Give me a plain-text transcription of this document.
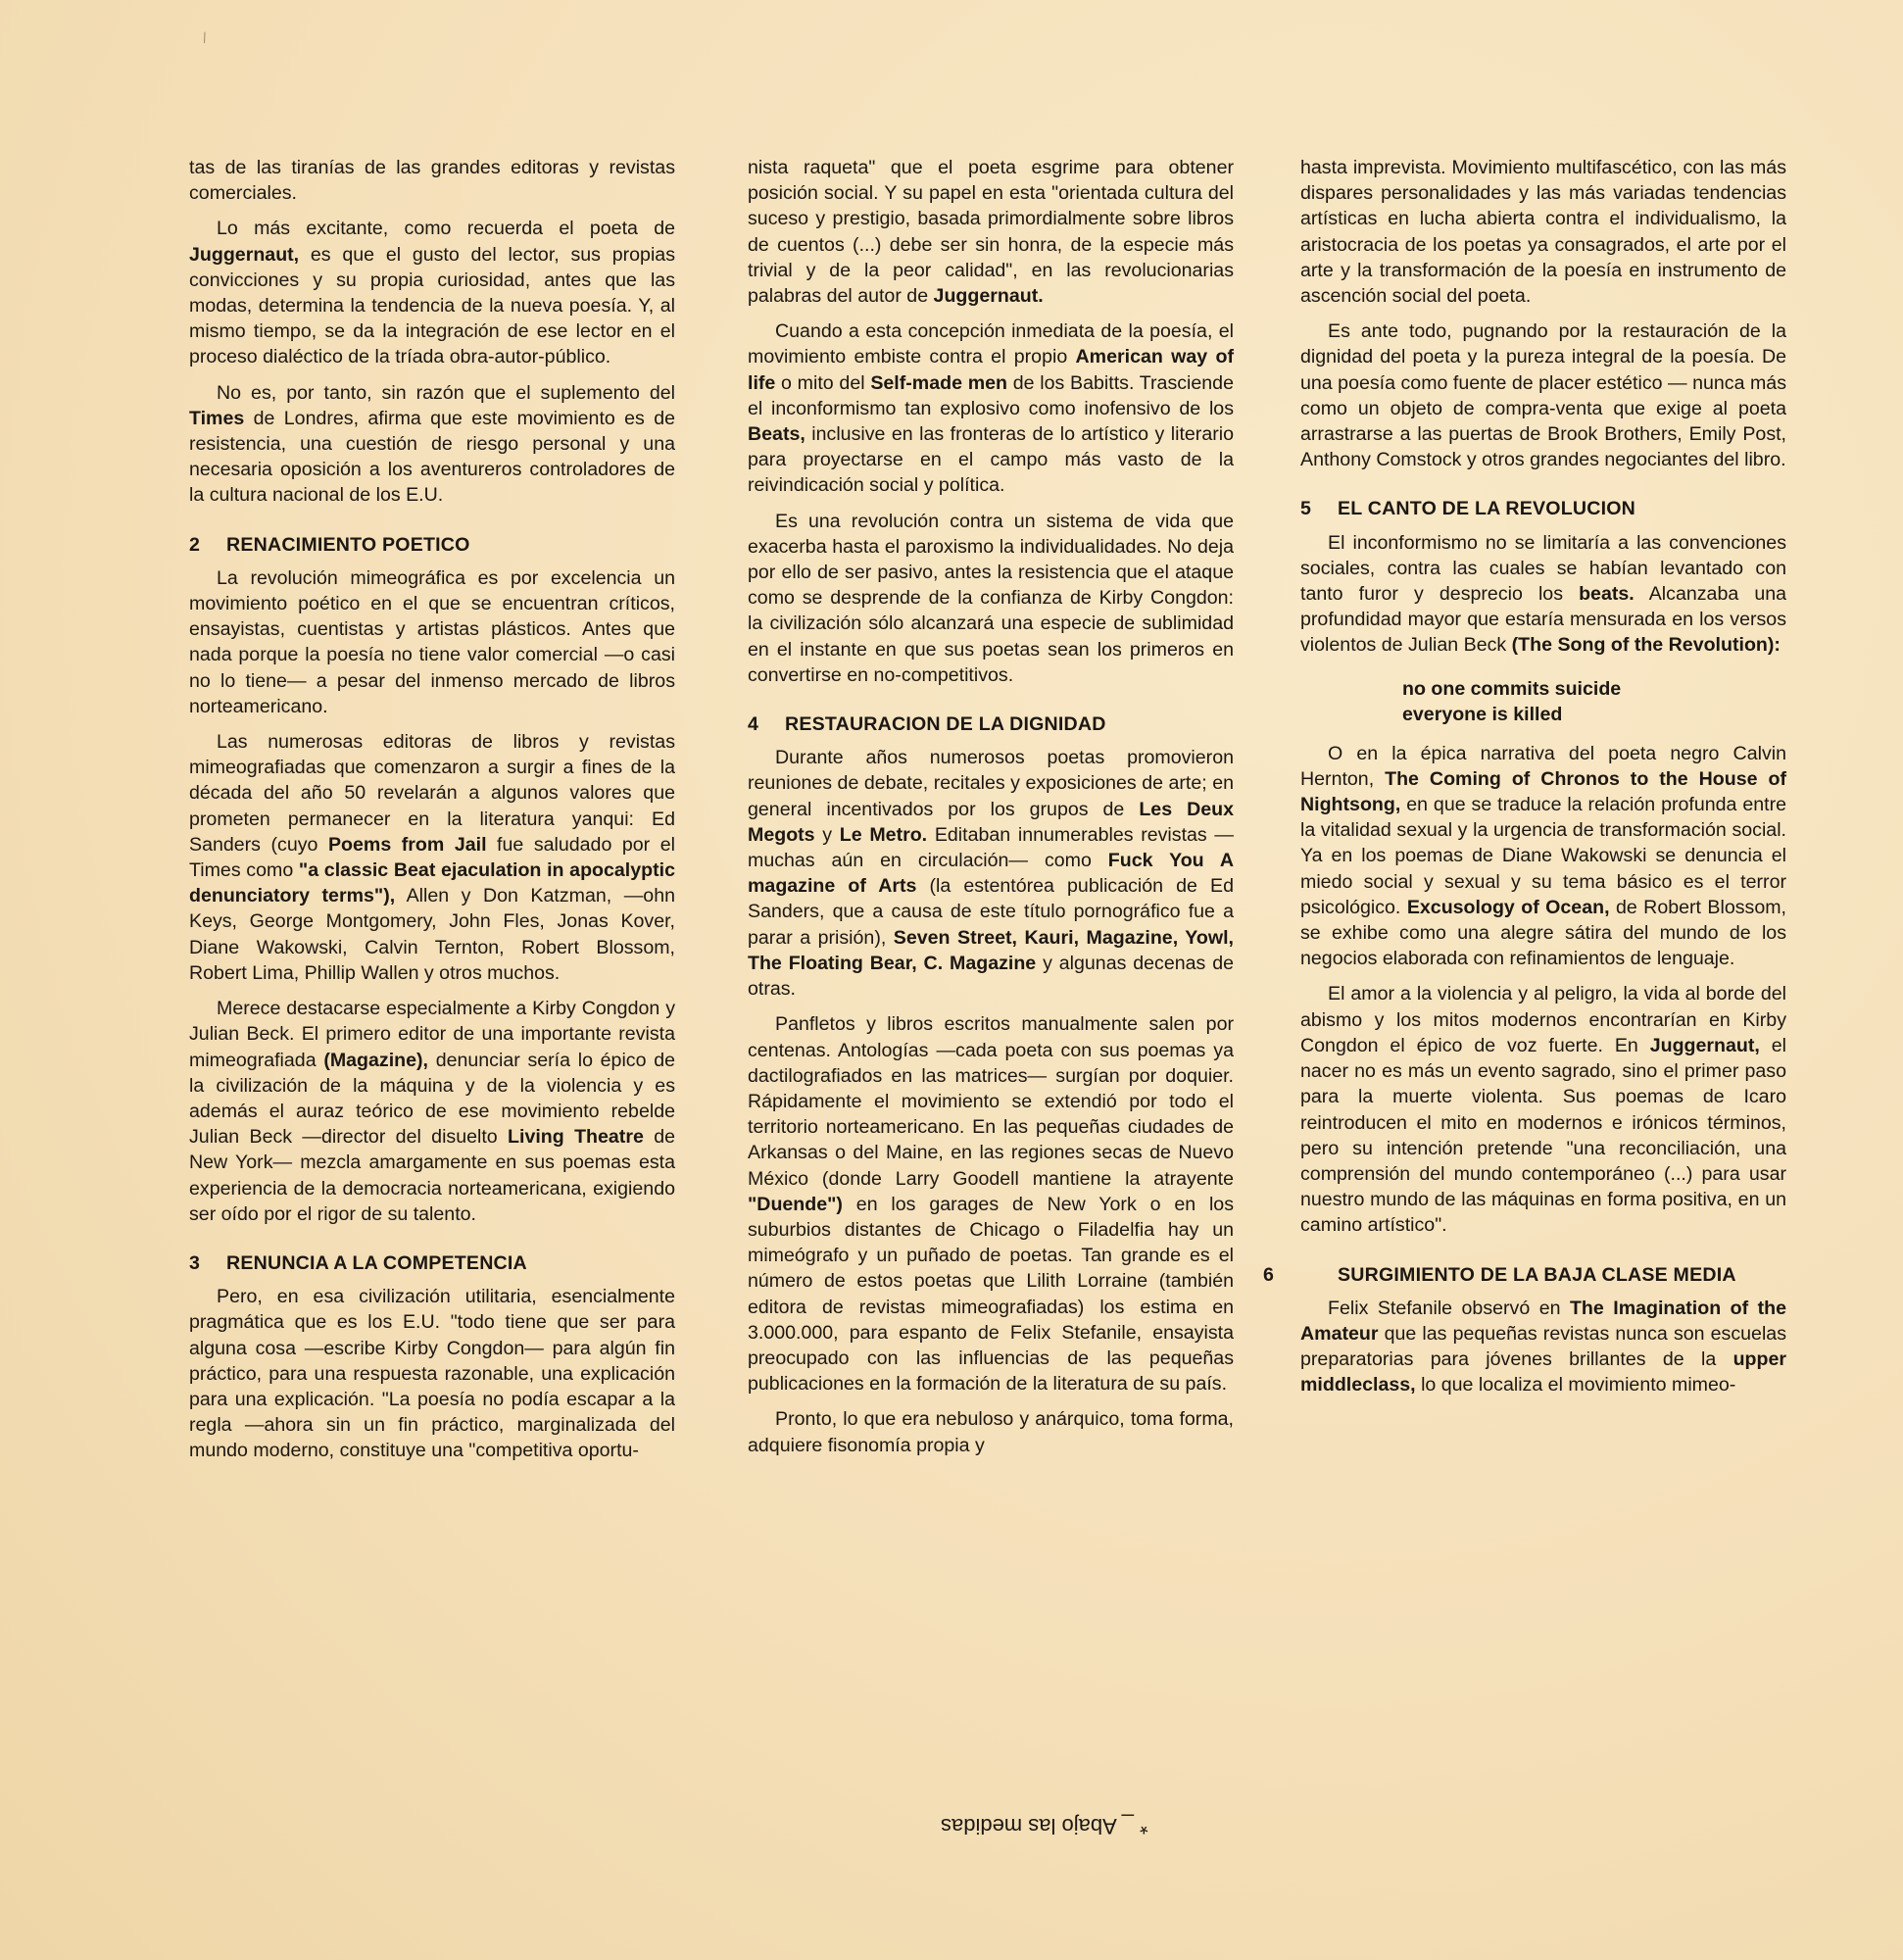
⁄

tas de las tiranías de las grandes editoras y revistas comerciales.

Lo más excitante, como recuerda el poeta de Juggernaut, es que el gusto del lector, sus propias convicciones y su propia curiosidad, antes que las modas, determina la tendencia de la nueva poesía. Y, al mismo tiempo, se da la integración de ese lector en el proceso dialéctico de la tríada obra-autor-público.

No es, por tanto, sin razón que el suplemento del Times de Londres, afirma que este movimiento es de resistencia, una cuestión de riesgo personal y una necesaria oposición a los aventureros controladores de la cultura nacional de los E.U.

2 RENACIMIENTO POETICO

La revolución mimeográfica es por excelencia un movimiento poético en el que se encuentran críticos, ensayistas, cuentistas y artistas plásticos. Antes que nada porque la poesía no tiene valor comercial —o casi no lo tiene— a pesar del inmenso mercado de libros norteamericano.

Las numerosas editoras de libros y revistas mimeografiadas que comenzaron a surgir a fines de la década del año 50 revelarán a algunos valores que prometen permanecer en la literatura yanqui: Ed Sanders (cuyo Poems from Jail fue saludado por el Times como "a classic Beat ejaculation in apocalyptic denunciatory terms"), Allen y Don Katzman, —ohn Keys, George Montgomery, John Fles, Jonas Kover, Diane Wakowski, Calvin Ternton, Robert Blossom, Robert Lima, Phillip Wallen y otros muchos.

Merece destacarse especialmente a Kirby Congdon y Julian Beck. El primero editor de una importante revista mimeografiada (Magazine), denunciar sería lo épico de la civilización de la máquina y de la violencia y es además el auraz teórico de ese movimiento rebelde Julian Beck —director del disuelto Living Theatre de New York— mezcla amargamente en sus poemas esta experiencia de la democracia norteamericana, exigiendo ser oído por el rigor de su talento.

3 RENUNCIA A LA COMPETENCIA

Pero, en esa civilización utilitaria, esencialmente pragmática que es los E.U. "todo tiene que ser para alguna cosa —escribe Kirby Congdon— para algún fin práctico, para una respuesta razonable, una explicación para una explicación. "La poesía no podía escapar a la regla —ahora sin un fin práctico, marginalizada del mundo moderno, constituye una "competitiva oportu-

nista raqueta" que el poeta esgrime para obtener posición social. Y su papel en esta "orientada cultura del suceso y prestigio, basada primordialmente sobre libros de cuentos (...) debe ser sin honra, de la especie más trivial y de la peor calidad", en las revolucionarias palabras del autor de Juggernaut.

Cuando a esta concepción inmediata de la poesía, el movimiento embiste contra el propio American way of life o mito del Self-made men de los Babitts. Trasciende el inconformismo tan explosivo como inofensivo de los Beats, inclusive en las fronteras de lo artístico y literario para proyectarse en el campo más vasto de la reivindicación social y política.

Es una revolución contra un sistema de vida que exacerba hasta el paroxismo la individualidades. No deja por ello de ser pasivo, antes la resistencia que el ataque como se desprende de la confianza de Kirby Congdon: la civilización sólo alcanzará una especie de sublimidad en el instante en que sus poetas sean los primeros en convertirse en no-competitivos.

4 RESTAURACION DE LA DIGNIDAD

Durante años numerosos poetas promovieron reuniones de debate, recitales y exposiciones de arte; en general incentivados por los grupos de Les Deux Megots y Le Metro. Editaban innumerables revistas — muchas aún en circulación— como Fuck You A magazine of Arts (la estentórea publicación de Ed Sanders, que a causa de este título pornográfico fue a parar a prisión), Seven Street, Kauri, Magazine, Yowl, The Floating Bear, C. Magazine y algunas decenas de otras.

Panfletos y libros escritos manualmente salen por centenas. Antologías —cada poeta con sus poemas ya dactilografiados en las matrices— surgían por doquier. Rápidamente el movimiento se extendió por todo el territorio norteamericano. En las pequeñas ciudades de Arkansas o del Maine, en las regiones secas de Nuevo México (donde Larry Goodell mantiene la atrayente "Duende") en los garages de New York o en los suburbios distantes de Chicago o Filadelfia hay un mimeógrafo y un puñado de poetas. Tan grande es el número de estos poetas que Lilith Lorraine (también editora de revistas mimeografiadas) los estima en 3.000.000, para espanto de Felix Stefanile, ensayista preocupado con las influencias de las pequeñas publicaciones en la formación de la literatura de su país.

Pronto, lo que era nebuloso y anárquico, toma forma, adquiere fisonomía propia y

hasta imprevista. Movimiento multifascético, con las más dispares personalidades y las más variadas tendencias artísticas en lucha abierta contra el individualismo, la aristocracia de los poetas ya consagrados, el arte por el arte y la transformación de la poesía en instrumento de ascención social del poeta.

Es ante todo, pugnando por la restauración de la dignidad del poeta y la pureza integral de la poesía. De una poesía como fuente de placer estético — nunca más como un objeto de compra-venta que exige al poeta arrastrarse a las puertas de Brook Brothers, Emily Post, Anthony Comstock y otros grandes negociantes del libro.

5 EL CANTO DE LA REVOLUCION

El inconformismo no se limitaría a las convenciones sociales, contra las cuales se habían levantado con tanto furor y desprecio los beats. Alcanzaba una profundidad mayor que estaría mensurada en los versos violentos de Julian Beck (The Song of the Revolution):

no one commits suicide
everyone is killed

O en la épica narrativa del poeta negro Calvin Hernton, The Coming of Chronos to the House of Nightsong, en que se traduce la relación profunda entre la vitalidad sexual y la urgencia de transformación social. Ya en los poemas de Diane Wakowski se denuncia el miedo social y sexual y su tema básico es el terror psicológico. Excusology of Ocean, de Robert Blossom, se exhibe como una alegre sátira del mundo de los negocios elaborada con refinamientos de lenguaje.

El amor a la violencia y al peligro, la vida al borde del abismo y los mitos modernos encontrarían en Kirby Congdon el épico de voz fuerte. En Juggernaut, el nacer no es más un evento sagrado, sino el primer paso para la muerte violenta. Sus poemas de Icaro reintroducen el mito en modernos e irónicos términos, pero su intención pretende "una reconciliación, una comprensión del mundo contemporáneo (...) para usar nuestro mundo de las máquinas en forma positiva, en un camino artístico".

6	SURGIMIENTO DE LA BAJA CLASE MEDIA

Felix Stefanile observó en The Imagination of the Amateur que las pequeñas revistas nunca son escuelas preparatorias para jóvenes brillantes de la upper middleclass, lo que localiza el movimiento mimeo-

* _ Abajo las medidas
